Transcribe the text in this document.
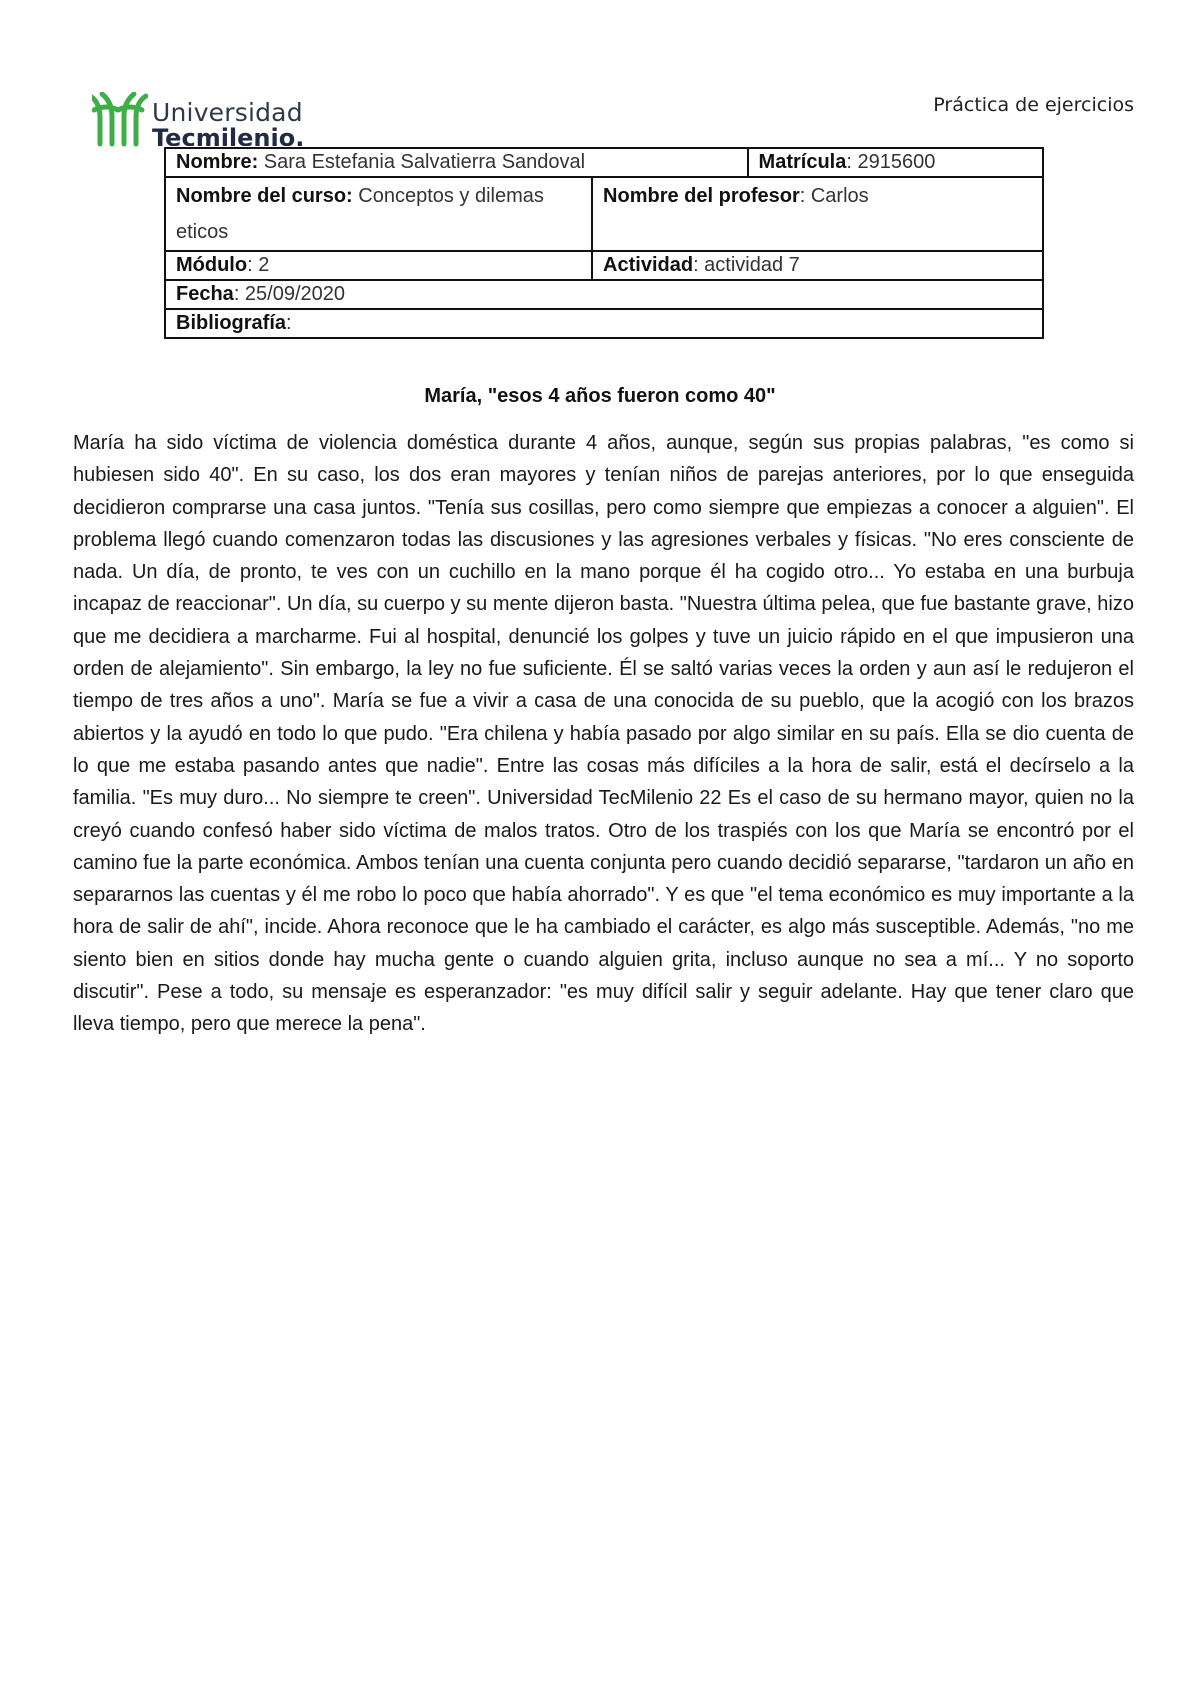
Universidad
Tecmilenio.
Práctica de ejercicios
Nombre: Sara Estefania Salvatierra Sandoval		Matrícula: 2915600
Nombre del curso: Conceptos y dilemas eticos	Nombre del profesor: Carlos	
Módulo: 2	Actividad: actividad 7	
Fecha: 25/09/2020		
Bibliografía:		
María, "esos 4 años fueron como 40"

María ha sido víctima de violencia doméstica durante 4 años, aunque, según sus propias palabras, "es como si hubiesen sido 40". En su caso, los dos eran mayores y tenían niños de parejas anteriores, por lo que enseguida decidieron comprarse una casa juntos. "Tenía sus cosillas, pero como siempre que empiezas a conocer a alguien". El problema llegó cuando comenzaron todas las discusiones y las agresiones verbales y físicas. "No eres consciente de nada. Un día, de pronto, te ves con un cuchillo en la mano porque él ha cogido otro... Yo estaba en una burbuja incapaz de reaccionar". Un día, su cuerpo y su mente dijeron basta. "Nuestra última pelea, que fue bastante grave, hizo que me decidiera a marcharme. Fui al hospital, denuncié los golpes y tuve un juicio rápido en el que impusieron una orden de alejamiento". Sin embargo, la ley no fue suficiente. Él se saltó varias veces la orden y aun así le redujeron el tiempo de tres años a uno". María se fue a vivir a casa de una conocida de su pueblo, que la acogió con los brazos abiertos y la ayudó en todo lo que pudo. "Era chilena y había pasado por algo similar en su país. Ella se dio cuenta de lo que me estaba pasando antes que nadie". Entre las cosas más difíciles a la hora de salir, está el decírselo a la familia. "Es muy duro... No siempre te creen". Universidad TecMilenio 22 Es el caso de su hermano mayor, quien no la creyó cuando confesó haber sido víctima de malos tratos. Otro de los traspiés con los que María se encontró por el camino fue la parte económica. Ambos tenían una cuenta conjunta pero cuando decidió separarse, "tardaron un año en separarnos las cuentas y él me robo lo poco que había ahorrado". Y es que "el tema económico es muy importante a la hora de salir de ahí", incide. Ahora reconoce que le ha cambiado el carácter, es algo más susceptible. Además, "no me siento bien en sitios donde hay mucha gente o cuando alguien grita, incluso aunque no sea a mí... Y no soporto discutir". Pese a todo, su mensaje es esperanzador: "es muy difícil salir y seguir adelante. Hay que tener claro que lleva tiempo, pero que merece la pena".
